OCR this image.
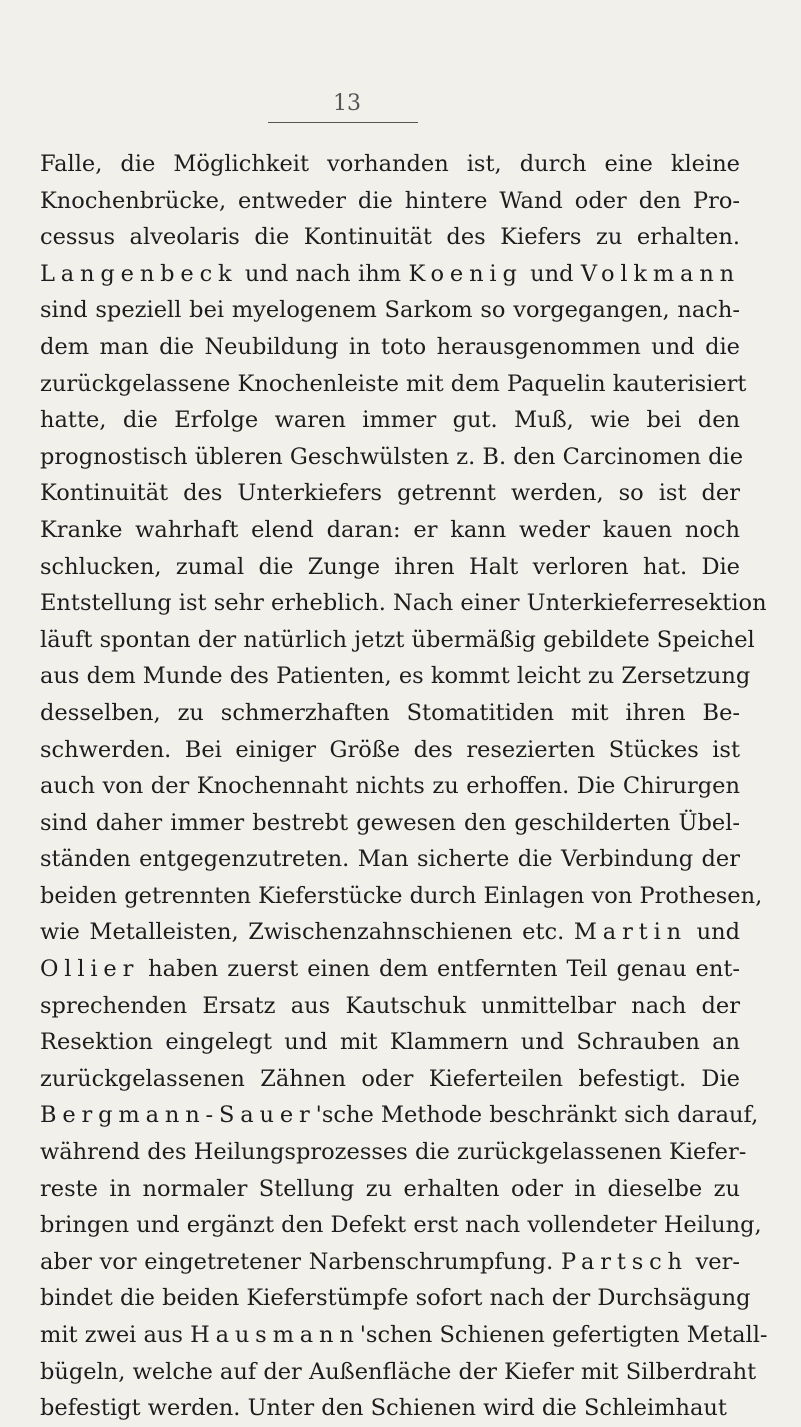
13
Falle, die Möglichkeit vorhanden ist, durch eine kleine
Knochenbrücke, entweder die hintere Wand oder den Pro-
cessus alveolaris die Kontinuität des Kiefers zu erhalten.
Langenbeck und nach ihm Koenig und Volkmann
sind speziell bei myelogenem Sarkom so vorgegangen, nach-
dem man die Neubildung in toto herausgenommen und die
zurückgelassene Knochenleiste mit dem Paquelin kauterisiert
hatte, die Erfolge waren immer gut. Muß, wie bei den
prognostisch übleren Geschwülsten z. B. den Carcinomen die
Kontinuität des Unterkiefers getrennt werden, so ist der
Kranke wahrhaft elend daran: er kann weder kauen noch
schlucken, zumal die Zunge ihren Halt verloren hat. Die
Entstellung ist sehr erheblich. Nach einer Unterkieferresektion
läuft spontan der natürlich jetzt übermäßig gebildete Speichel
aus dem Munde des Patienten, es kommt leicht zu Zersetzung
desselben, zu schmerzhaften Stomatitiden mit ihren Be-
schwerden. Bei einiger Größe des resezierten Stückes ist
auch von der Knochennaht nichts zu erhoffen. Die Chirurgen
sind daher immer bestrebt gewesen den geschilderten Übel-
ständen entgegenzutreten. Man sicherte die Verbindung der
beiden getrennten Kieferstücke durch Einlagen von Prothesen,
wie Metalleisten, Zwischenzahnschienen etc. Martin und
Ollier haben zuerst einen dem entfernten Teil genau ent-
sprechenden Ersatz aus Kautschuk unmittelbar nach der
Resektion eingelegt und mit Klammern und Schrauben an
zurückgelassenen Zähnen oder Kieferteilen befestigt. Die
Bergmann-Sauer'sche Methode beschränkt sich darauf,
während des Heilungsprozesses die zurückgelassenen Kiefer-
reste in normaler Stellung zu erhalten oder in dieselbe zu
bringen und ergänzt den Defekt erst nach vollendeter Heilung,
aber vor eingetretener Narbenschrumpfung. Partsch ver-
bindet die beiden Kieferstümpfe sofort nach der Durchsägung
mit zwei aus Hausmann'schen Schienen gefertigten Metall-
bügeln, welche auf der Außenfläche der Kiefer mit Silberdraht
befestigt werden. Unter den Schienen wird die Schleimhaut
